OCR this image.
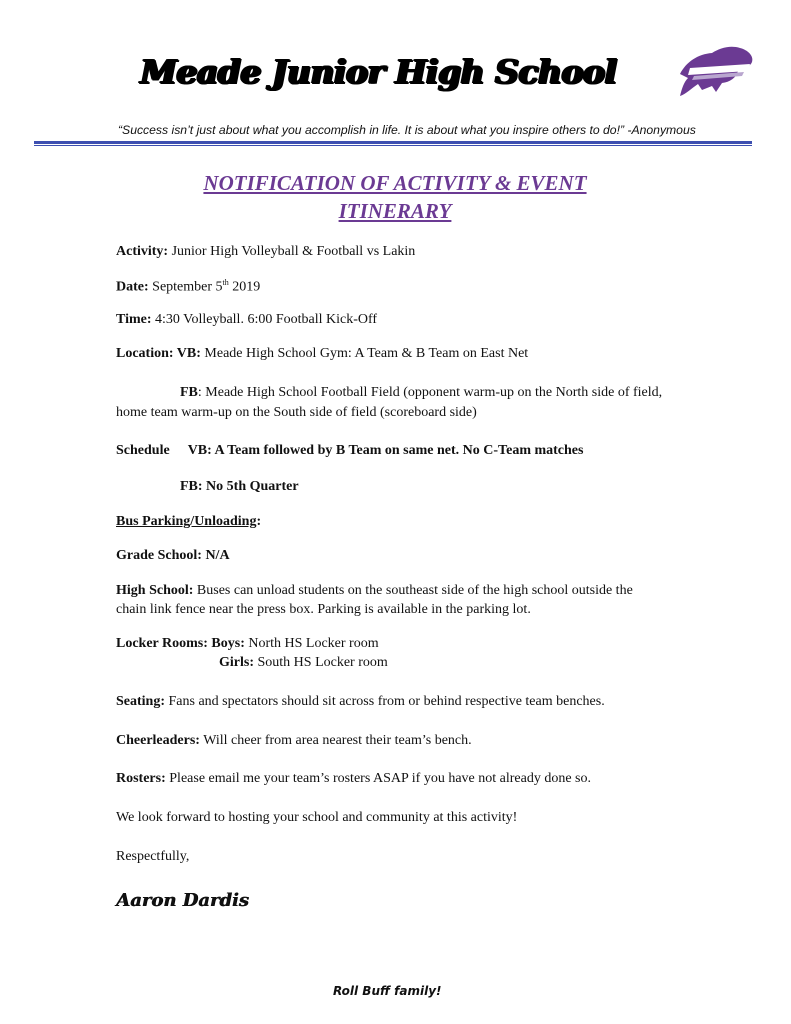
Meade Junior High School
“Success isn’t just about what you accomplish in life. It is about what you inspire others to do!” -Anonymous
NOTIFICATION OF ACTIVITY & EVENT
ITINERARY
Activity: Junior High Volleyball & Football vs Lakin
Date: September 5th 2019
Time: 4:30 Volleyball. 6:00 Football Kick-Off
Location: VB: Meade High School Gym: A Team & B Team on East Net
FB: Meade High School Football Field (opponent warm-up on the North side of field,
home team warm-up on the South side of field (scoreboard side)
Schedule VB: A Team followed by B Team on same net. No C-Team matches
FB: No 5th Quarter
Bus Parking/Unloading:
Grade School: N/A
High School: Buses can unload students on the southeast side of the high school outside the
chain link fence near the press box. Parking is available in the parking lot.
Locker Rooms: Boys: North HS Locker room
Girls: South HS Locker room
Seating: Fans and spectators should sit across from or behind respective team benches.
Cheerleaders: Will cheer from area nearest their team’s bench.
Rosters: Please email me your team’s rosters ASAP if you have not already done so.
We look forward to hosting your school and community at this activity!
Respectfully,
Aaron Dardis
Roll Buff family!
